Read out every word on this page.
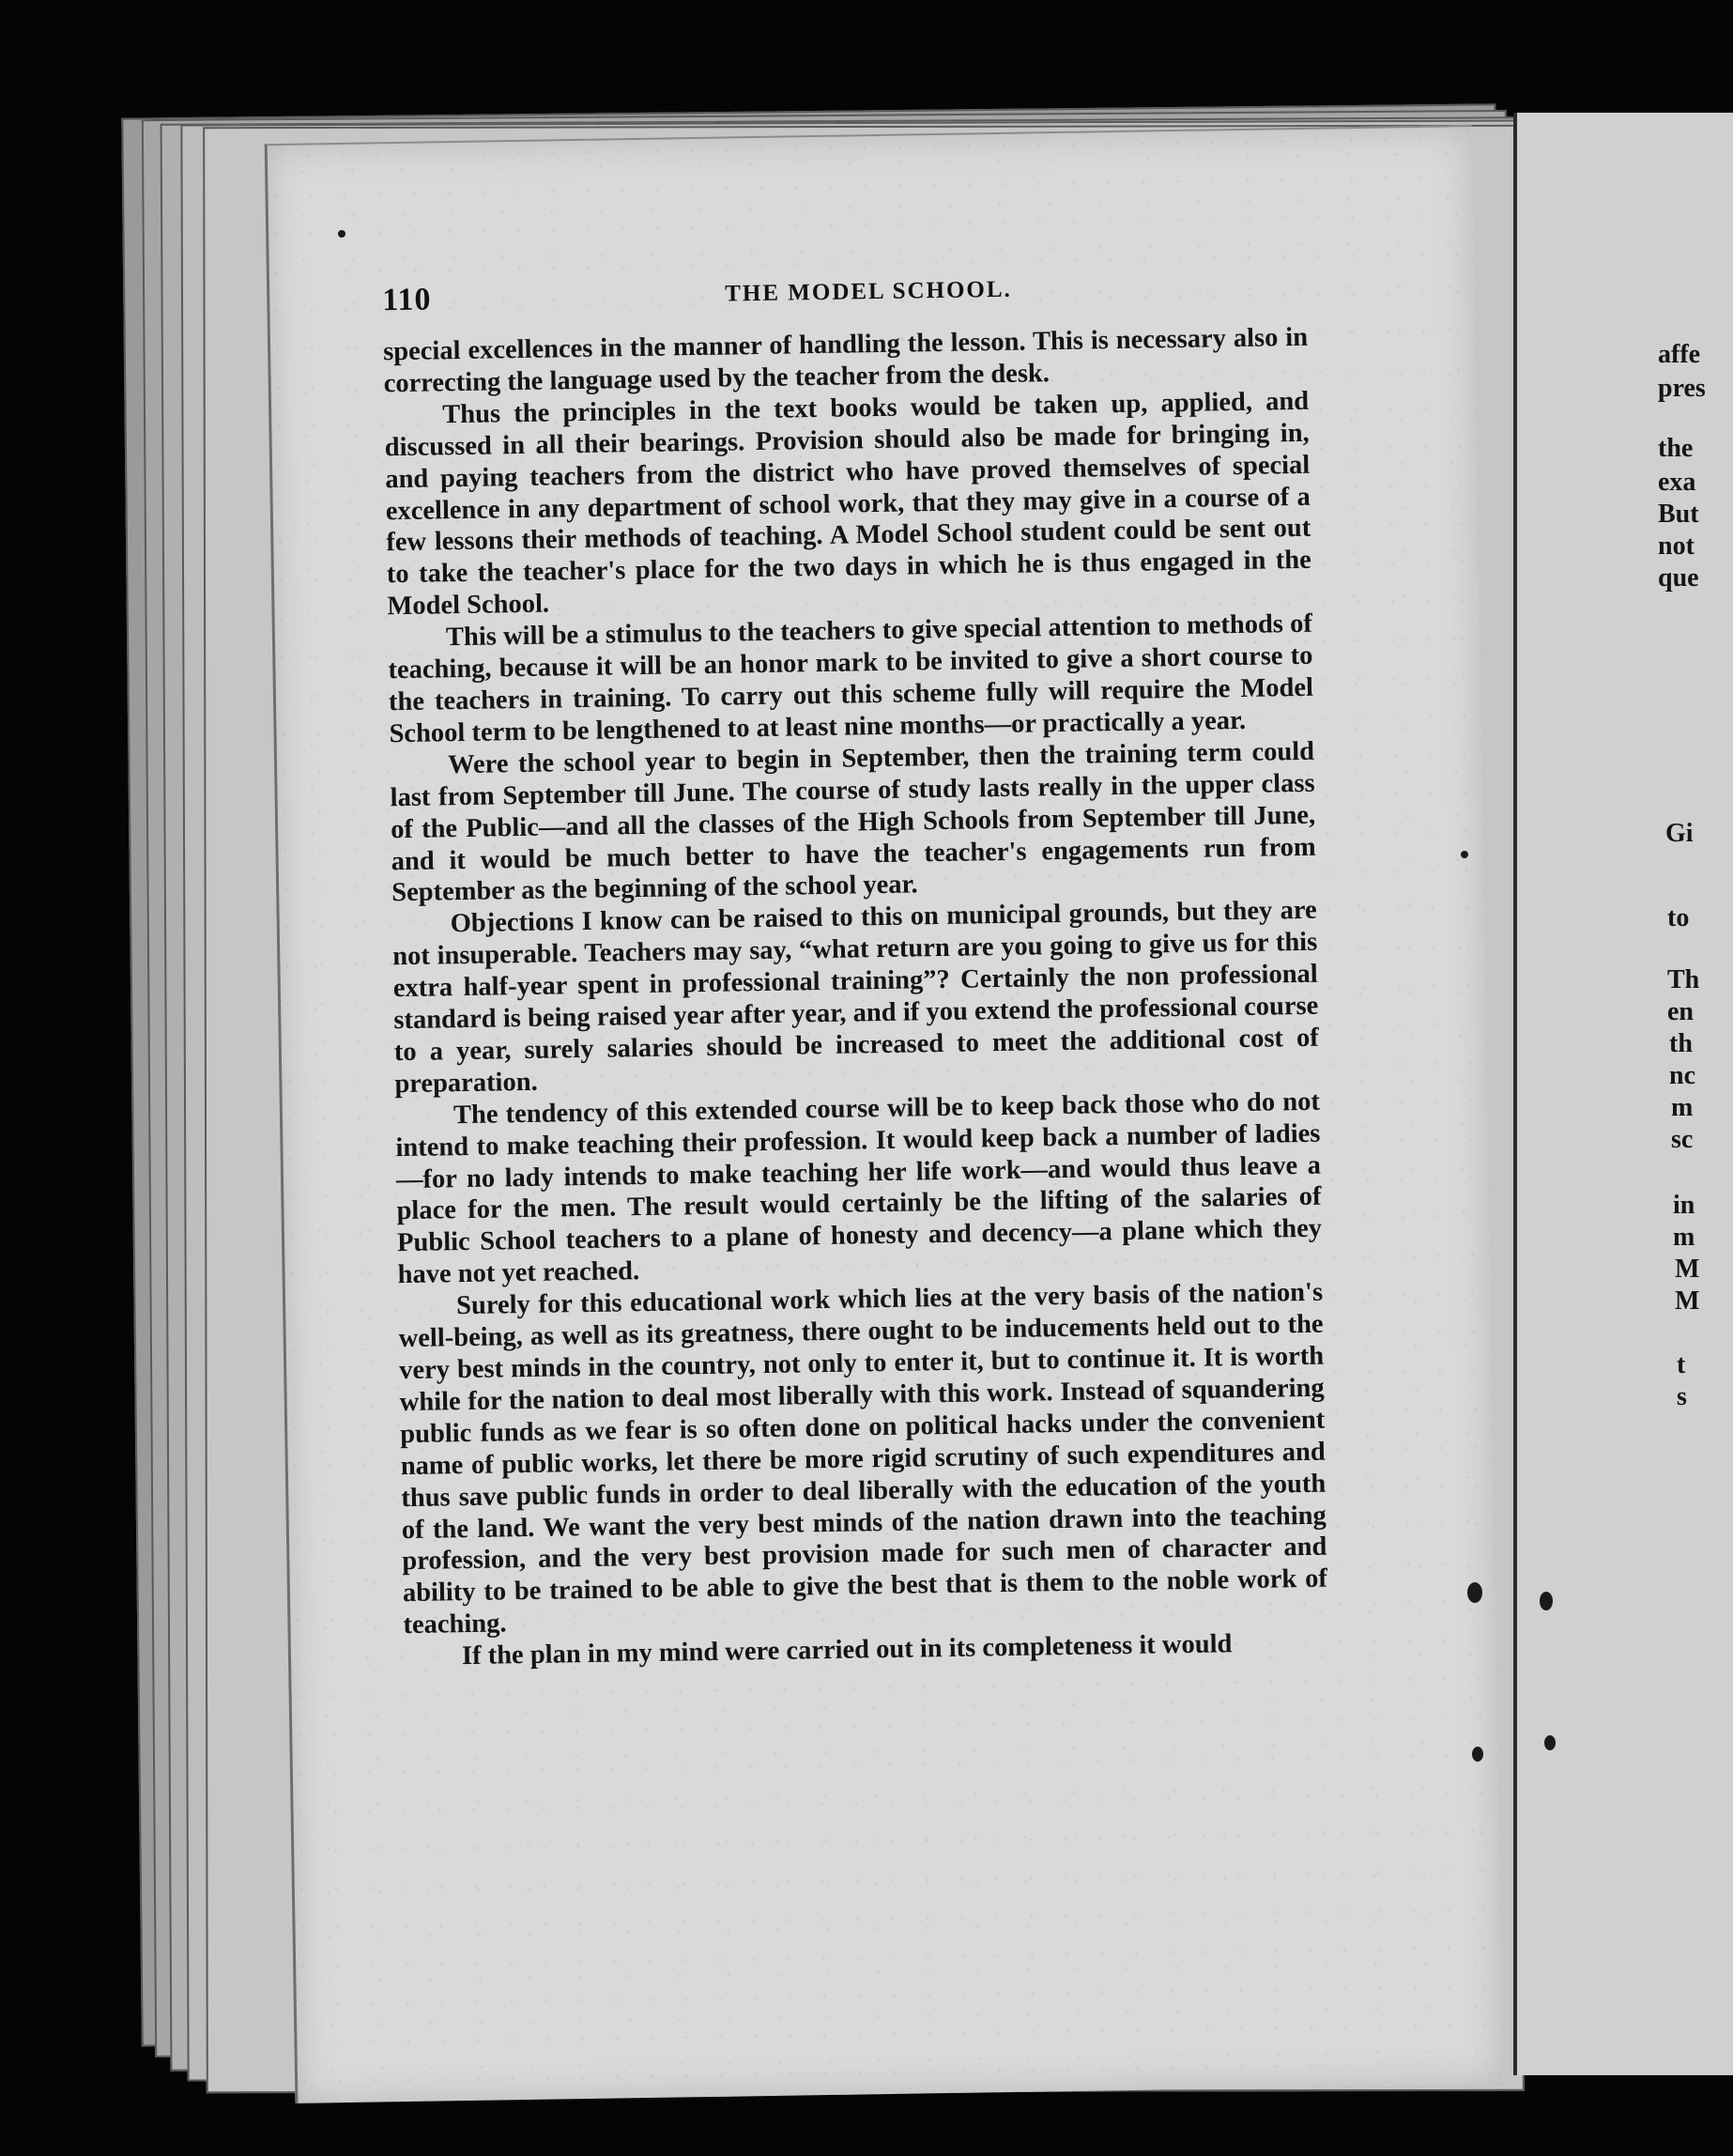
affe
pres
the
exa
But
not
que
Gi
to
Th
en
th
nc
m
sc
in
m
M
M
t
s
110	THE MODEL SCHOOL.

special excellences in the manner of handling the lesson. This is necessary also in correcting the language used by the teacher from the desk.

Thus the principles in the text books would be taken up, applied, and discussed in all their bearings. Provision should also be made for bringing in, and paying teachers from the district who have proved themselves of special excellence in any department of school work, that they may give in a course of a few lessons their methods of teaching. A Model School student could be sent out to take the teacher's place for the two days in which he is thus engaged in the Model School.

This will be a stimulus to the teachers to give special attention to methods of teaching, because it will be an honor mark to be invited to give a short course to the teachers in training. To carry out this scheme fully will require the Model School term to be lengthened to at least nine months—or practically a year.

Were the school year to begin in September, then the training term could last from September till June. The course of study lasts really in the upper class of the Public—and all the classes of the High Schools from September till June, and it would be much better to have the teacher's engagements run from September as the beginning of the school year.

Objections I know can be raised to this on municipal grounds, but they are not insuperable. Teachers may say, “what return are you going to give us for this extra half-year spent in professional training”? Certainly the non professional standard is being raised year after year, and if you extend the professional course to a year, surely salaries should be increased to meet the additional cost of preparation.

The tendency of this extended course will be to keep back those who do not intend to make teaching their profession. It would keep back a number of ladies—for no lady intends to make teaching her life work—and would thus leave a place for the men. The result would certainly be the lifting of the salaries of Public School teachers to a plane of honesty and decency—a plane which they have not yet reached.

Surely for this educational work which lies at the very basis of the nation's well-being, as well as its greatness, there ought to be inducements held out to the very best minds in the country, not only to enter it, but to continue it. It is worth while for the nation to deal most liberally with this work. Instead of squandering public funds as we fear is so often done on political hacks under the convenient name of public works, let there be more rigid scrutiny of such expenditures and thus save public funds in order to deal liberally with the education of the youth of the land. We want the very best minds of the nation drawn into the teaching profession, and the very best provision made for such men of character and ability to be trained to be able to give the best that is them to the noble work of teaching.

If the plan in my mind were carried out in its completeness it would
